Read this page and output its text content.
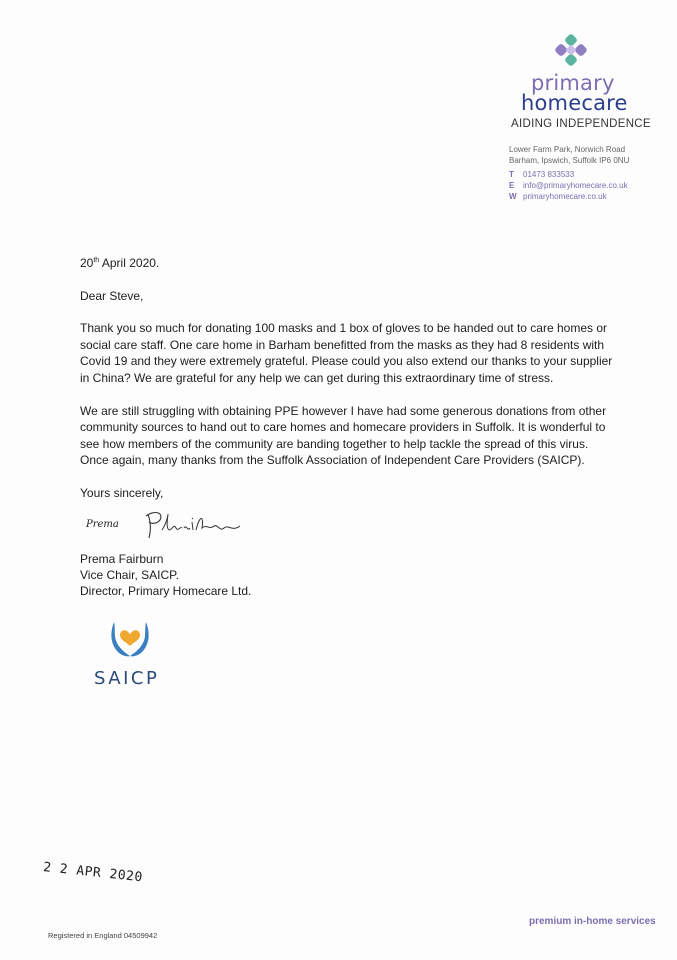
primary
homecare
AIDING INDEPENDENCE
Lower Farm Park, Norwich Road
Barham, Ipswich, Suffolk IP6 0NU
T	01473 833533
E	info@primaryhomecare.co.uk
W primaryhomecare.co.uk

20th April 2020.

Dear Steve,

Thank you so much for donating 100 masks and 1 box of gloves to be handed out to care homes or social care staff. One care home in Barham benefitted from the masks as they had 8 residents with Covid 19 and they were extremely grateful. Please could you also extend our thanks to your supplier in China? We are grateful for any help we can get during this extraordinary time of stress.

We are still struggling with obtaining PPE however I have had some generous donations from other community sources to hand out to care homes and homecare providers in Suffolk. It is wonderful to see how members of the community are banding together to help tackle the spread of this virus. Once again, many thanks from the Suffolk Association of Independent Care Providers (SAICP).

Yours sincerely,
Prema
Prema Fairburn
Vice Chair, SAICP.
Director, Primary Homecare Ltd.
SAICP
2 2 APR 2020
Registered in England 04509942
premium in-home services
